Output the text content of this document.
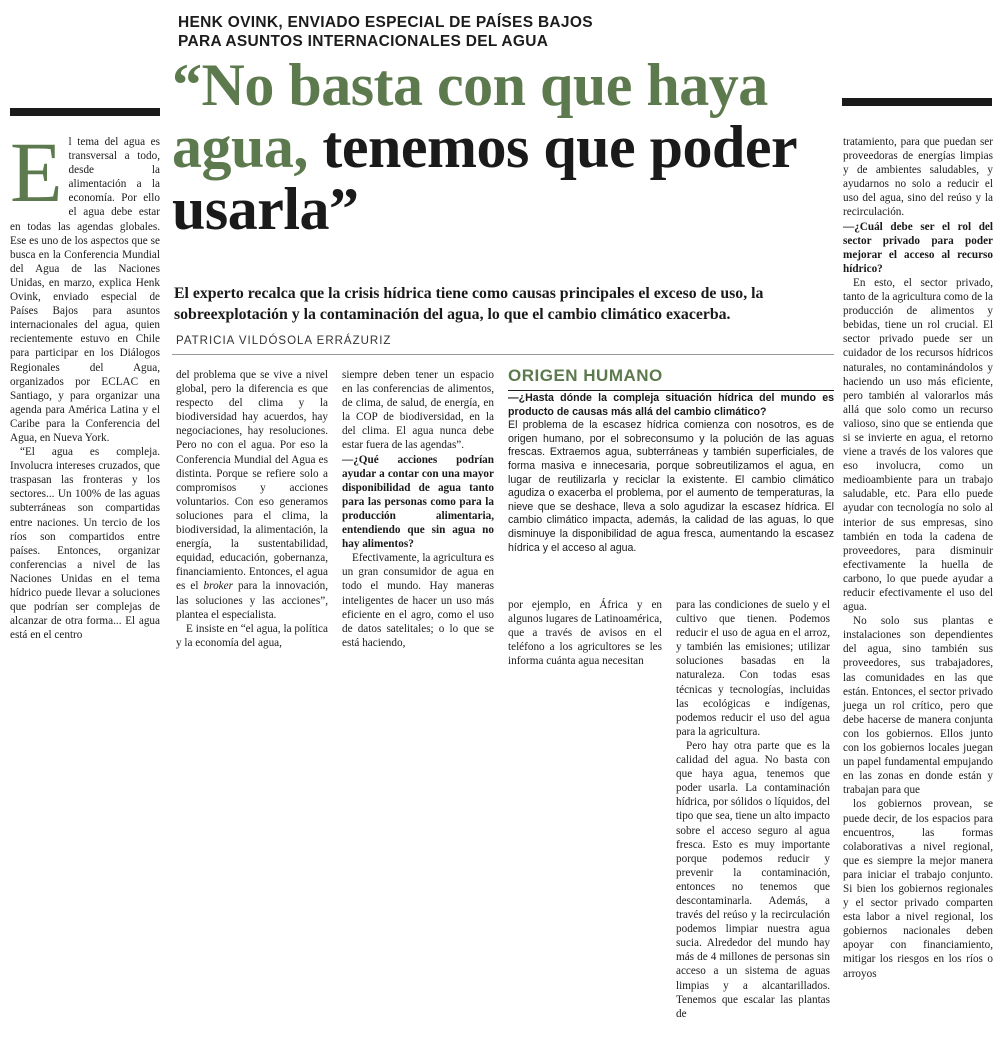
HENK OVINK, ENVIADO ESPECIAL DE PAÍSES BAJOS
PARA ASUNTOS INTERNACIONALES DEL AGUA
“No basta con que haya agua, tenemos que poder usarla”
El experto recalca que la crisis hídrica tiene como causas principales el exceso de uso, la sobreexplotación y la contaminación del agua, lo que el cambio climático exacerba.
PATRICIA VILDÓSOLA ERRÁZURIZ

El tema del agua es transversal a todo, desde la alimentación a la economía. Por ello el agua debe estar en todas las agendas globales. Ese es uno de los aspectos que se busca en la Conferencia Mundial del Agua de las Naciones Unidas, en marzo, explica Henk Ovink, enviado especial de Países Bajos para asuntos internacionales del agua, quien recientemente estuvo en Chile para participar en los Diálogos Regionales del Agua, organizados por ECLAC en Santiago, y para organizar una agenda para América Latina y el Caribe para la Conferencia del Agua, en Nueva York.

“El agua es compleja. Involucra intereses cruzados, que traspasan las fronteras y los sectores... Un 100% de las aguas subterráneas son compartidas entre naciones. Un tercio de los ríos son compartidos entre países. Entonces, organizar conferencias a nivel de las Naciones Unidas en el tema hídrico puede llevar a soluciones que podrían ser complejas de alcanzar de otra forma... El agua está en el centro

del problema que se vive a nivel global, pero la diferencia es que respecto del clima y la biodiversidad hay acuerdos, hay negociaciones, hay resoluciones. Pero no con el agua. Por eso la Conferencia Mundial del Agua es distinta. Porque se refiere solo a compromisos y acciones voluntarios. Con eso generamos soluciones para el clima, la biodiversidad, la alimentación, la energía, la sustentabilidad, equidad, educación, gobernanza, financiamiento. Entonces, el agua es el broker para la innovación, las soluciones y las acciones”, plantea el especialista.

E insiste en “el agua, la política y la economía del agua,

siempre deben tener un espacio en las conferencias de alimentos, de clima, de salud, de energía, en la COP de biodiversidad, en la del clima. El agua nunca debe estar fuera de las agendas”.

—¿Qué acciones podrían ayudar a contar con una mayor disponibilidad de agua tanto para las personas como para la producción alimentaria, entendiendo que sin agua no hay alimentos?

Efectivamente, la agricultura es un gran consumidor de agua en todo el mundo. Hay maneras inteligentes de hacer un uso más eficiente en el agro, como el uso de datos satelitales; o lo que se está haciendo,

ORIGEN HUMANO

—¿Hasta dónde la compleja situación hídrica del mundo es producto de causas más allá del cambio climático?

El problema de la escasez hídrica comienza con nosotros, es de origen humano, por el sobreconsumo y la polución de las aguas frescas. Extraemos agua, subterráneas y también superficiales, de forma masiva e innecesaria, porque sobreutilizamos el agua, en lugar de reutilizarla y reciclar la existente. El cambio climático agudiza o exacerba el problema, por el aumento de temperaturas, la nieve que se deshace, lleva a solo agudizar la escasez hídrica. El cambio climático impacta, además, la calidad de las aguas, lo que disminuye la disponibilidad de agua fresca, aumentando la escasez hídrica y el acceso al agua.

por ejemplo, en África y en algunos lugares de Latinoamérica, que a través de avisos en el teléfono a los agricultores se les informa cuánta agua necesitan

para las condiciones de suelo y el cultivo que tienen. Podemos reducir el uso de agua en el arroz, y también las emisiones; utilizar soluciones basadas en la naturaleza. Con todas esas técnicas y tecnologías, incluidas las ecológicas e indígenas, podemos reducir el uso del agua para la agricultura.

Pero hay otra parte que es la calidad del agua. No basta con que haya agua, tenemos que poder usarla. La contaminación hídrica, por sólidos o líquidos, del tipo que sea, tiene un alto impacto sobre el acceso seguro al agua fresca. Esto es muy importante porque podemos reducir y prevenir la contaminación, entonces no tenemos que descontaminarla. Además, a través del reúso y la recirculación podemos limpiar nuestra agua sucia. Alrededor del mundo hay más de 4 millones de personas sin acceso a un sistema de aguas limpias y a alcantarillados. Tenemos que escalar las plantas de

tratamiento, para que puedan ser proveedoras de energías limpias y de ambientes saludables, y ayudarnos no solo a reducir el uso del agua, sino del reúso y la recirculación.

—¿Cuál debe ser el rol del sector privado para poder mejorar el acceso al recurso hídrico?

En esto, el sector privado, tanto de la agricultura como de la producción de alimentos y bebidas, tiene un rol crucial. El sector privado puede ser un cuidador de los recursos hídricos naturales, no contaminándolos y haciendo un uso más eficiente, pero también al valorarlos más allá que solo como un recurso valioso, sino que se entienda que si se invierte en agua, el retorno viene a través de los valores que eso involucra, como un medioambiente para un trabajo saludable, etc. Para ello puede ayudar con tecnología no solo al interior de sus empresas, sino también en toda la cadena de proveedores, para disminuir efectivamente la huella de carbono, lo que puede ayudar a reducir efectivamente el uso del agua.

No solo sus plantas e instalaciones son dependientes del agua, sino también sus proveedores, sus trabajadores, las comunidades en las que están. Entonces, el sector privado juega un rol crítico, pero que debe hacerse de manera conjunta con los gobiernos. Ellos junto con los gobiernos locales juegan un papel fundamental empujando en las zonas en donde están y trabajan para que

los gobiernos provean, se puede decir, de los espacios para encuentros, las formas colaborativas a nivel regional, que es siempre la mejor manera para iniciar el trabajo conjunto. Si bien los gobiernos regionales y el sector privado comparten esta labor a nivel regional, los gobiernos nacionales deben apoyar con financiamiento, mitigar los riesgos en los ríos o arroyos
